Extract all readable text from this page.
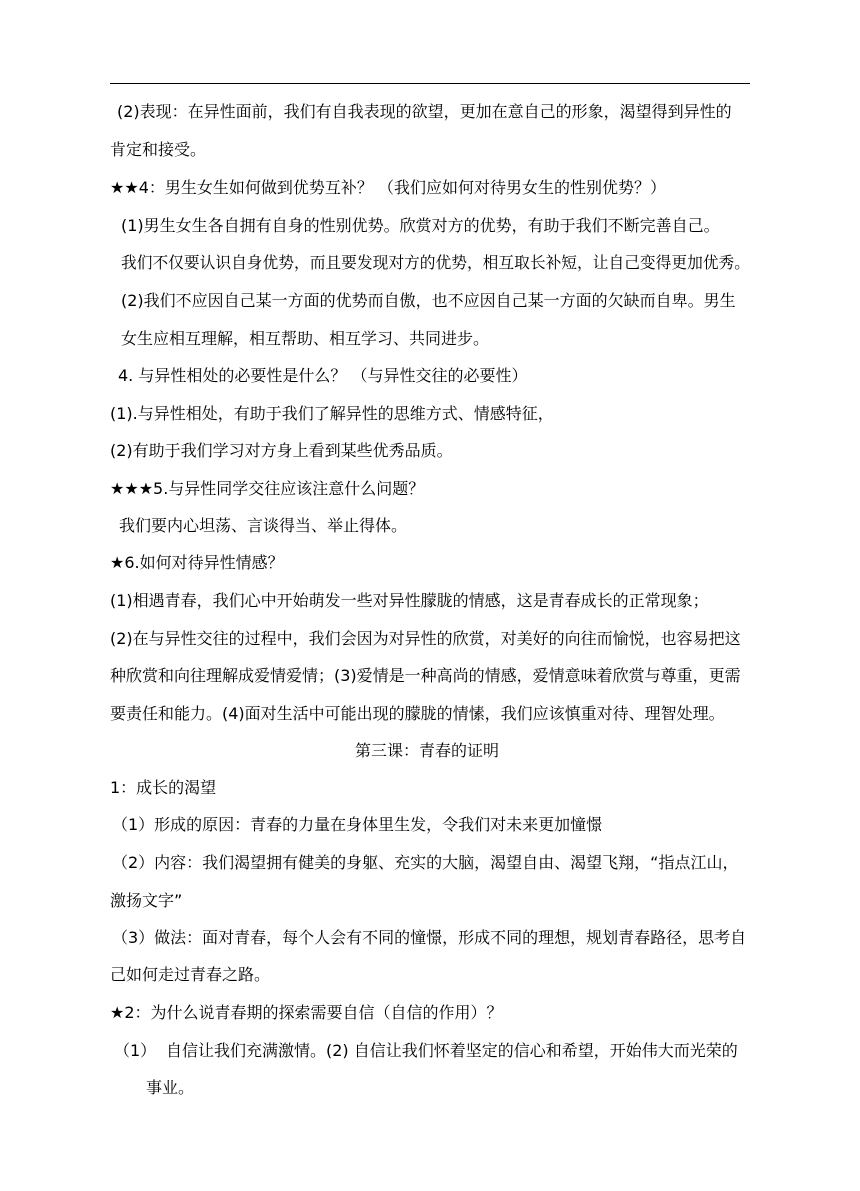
(2)表现：在异性面前，我们有自我表现的欲望，更加在意自己的形象，渴望得到异性的
肯定和接受。
★★4：男生女生如何做到优势互补？ （我们应如何对待男女生的性别优势？）
(1)男生女生各自拥有自身的性别优势。欣赏对方的优势，有助于我们不断完善自己。
我们不仅要认识自身优势，而且要发现对方的优势，相互取长补短，让自己变得更加优秀。
(2)我们不应因自己某一方面的优势而自傲，也不应因自己某一方面的欠缺而自卑。男生
女生应相互理解，相互帮助、相互学习、共同进步。
4. 与异性相处的必要性是什么？ （与异性交往的必要性）
(1).与异性相处，有助于我们了解异性的思维方式、情感特征，
(2)有助于我们学习对方身上看到某些优秀品质。
★★★5.与异性同学交往应该注意什么问题？
我们要内心坦荡、言谈得当、举止得体。
★6.如何对待异性情感？
(1)相遇青春，我们心中开始萌发一些对异性朦胧的情感，这是青春成长的正常现象；
(2)在与异性交往的过程中，我们会因为对异性的欣赏，对美好的向往而愉悦，也容易把这
种欣赏和向往理解成爱情爱情；(3)爱情是一种高尚的情感，爱情意味着欣赏与尊重，更需
要责任和能力。(4)面对生活中可能出现的朦胧的情愫，我们应该慎重对待、理智处理。
第三课：青春的证明
1：成长的渴望
（1）形成的原因：青春的力量在身体里生发，令我们对未来更加憧憬
（2）内容：我们渴望拥有健美的身躯、充实的大脑，渴望自由、渴望飞翔，“指点江山，
激扬文字”
（3）做法：面对青春，每个人会有不同的憧憬，形成不同的理想，规划青春路径，思考自
己如何走过青春之路。
★2：为什么说青春期的探索需要自信（自信的作用）？
（1） 自信让我们充满激情。(2) 自信让我们怀着坚定的信心和希望，开始伟大而光荣的
事业。
